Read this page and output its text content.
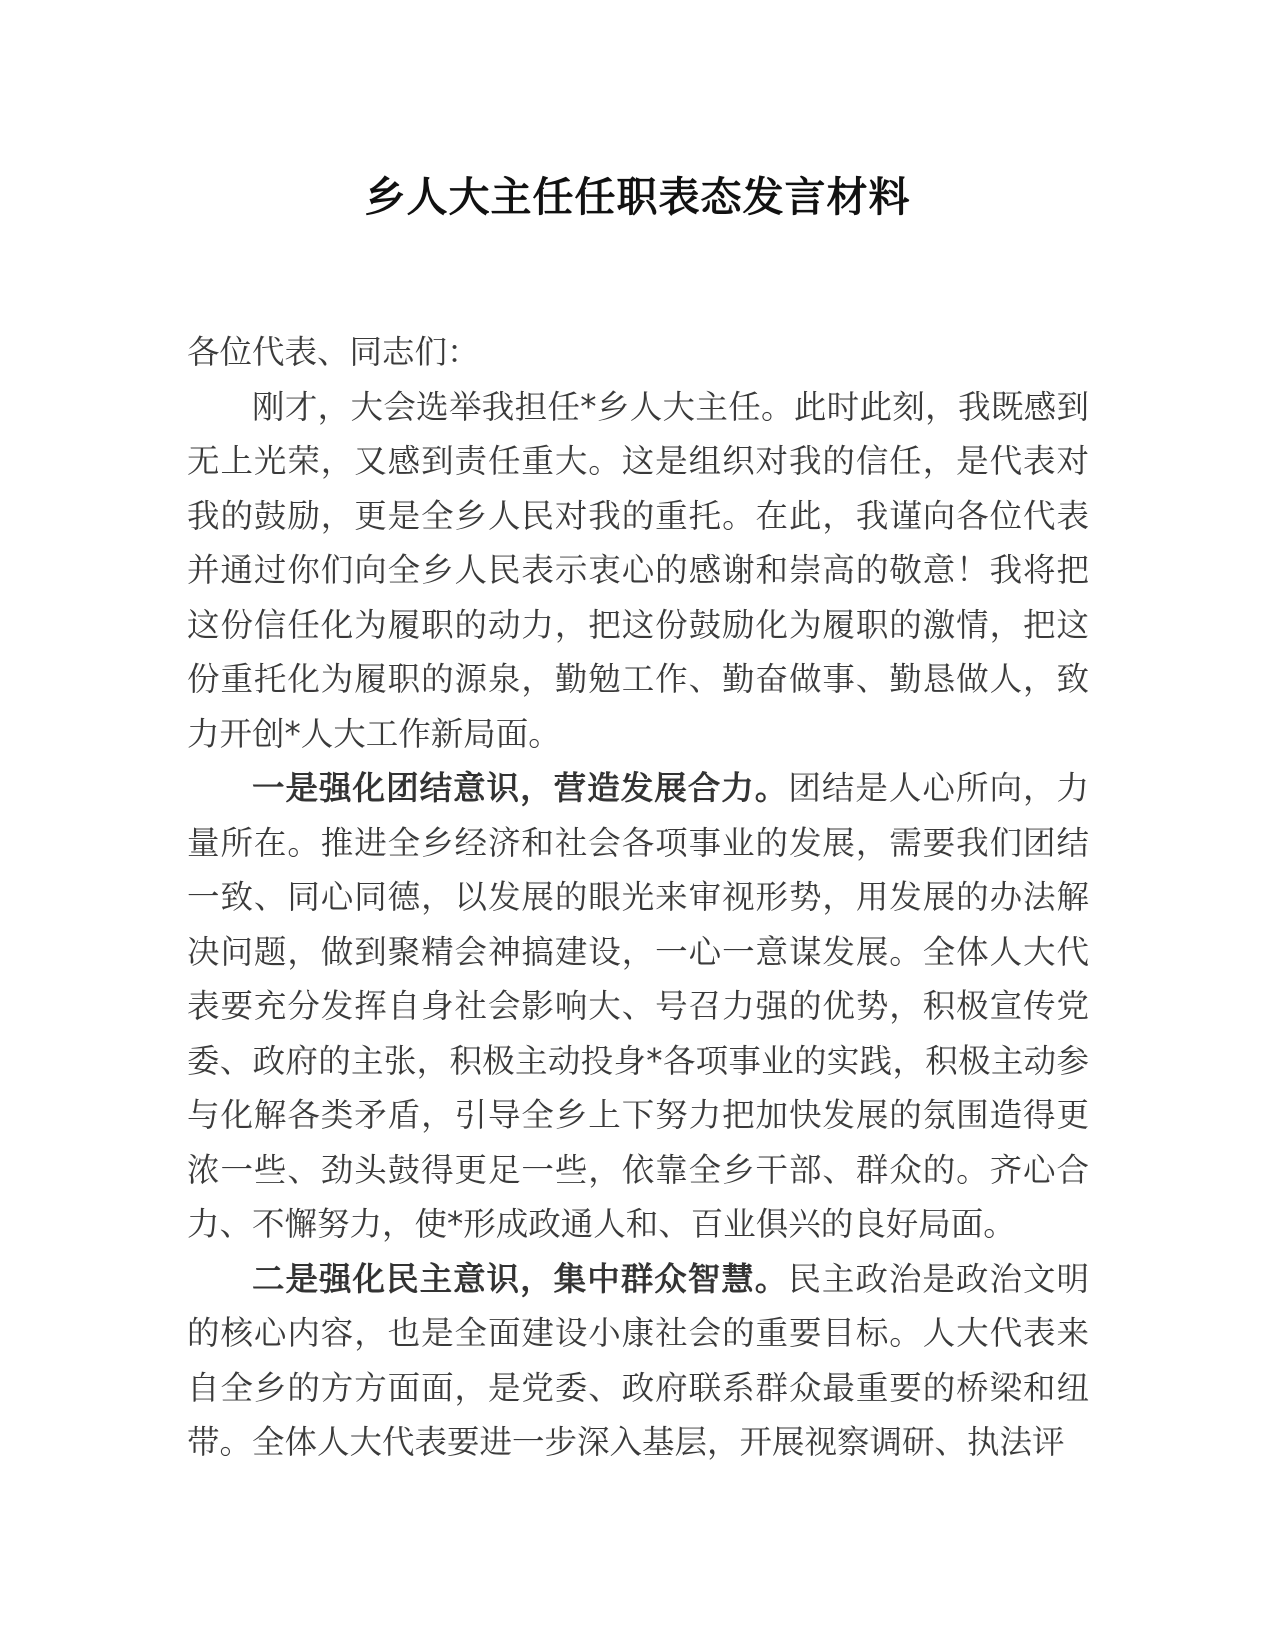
乡人大主任任职表态发言材料

各位代表、同志们：

刚才，大会选举我担任*乡人大主任。此时此刻，我既感到无上光荣，又感到责任重大。这是组织对我的信任，是代表对我的鼓励，更是全乡人民对我的重托。在此，我谨向各位代表并通过你们向全乡人民表示衷心的感谢和崇高的敬意！我将把这份信任化为履职的动力，把这份鼓励化为履职的激情，把这份重托化为履职的源泉，勤勉工作、勤奋做事、勤恳做人，致力开创*人大工作新局面。

一是强化团结意识，营造发展合力。团结是人心所向，力量所在。推进全乡经济和社会各项事业的发展，需要我们团结一致、同心同德，以发展的眼光来审视形势，用发展的办法解决问题，做到聚精会神搞建设，一心一意谋发展。全体人大代表要充分发挥自身社会影响大、号召力强的优势，积极宣传党委、政府的主张，积极主动投身*各项事业的实践，积极主动参与化解各类矛盾，引导全乡上下努力把加快发展的氛围造得更浓一些、劲头鼓得更足一些，依靠全乡干部、群众的。齐心合力、不懈努力，使*形成政通人和、百业俱兴的良好局面。

二是强化民主意识，集中群众智慧。民主政治是政治文明的核心内容，也是全面建设小康社会的重要目标。人大代表来自全乡的方方面面，是党委、政府联系群众最重要的桥梁和纽带。全体人大代表要进一步深入基层，开展视察调研、执法评
